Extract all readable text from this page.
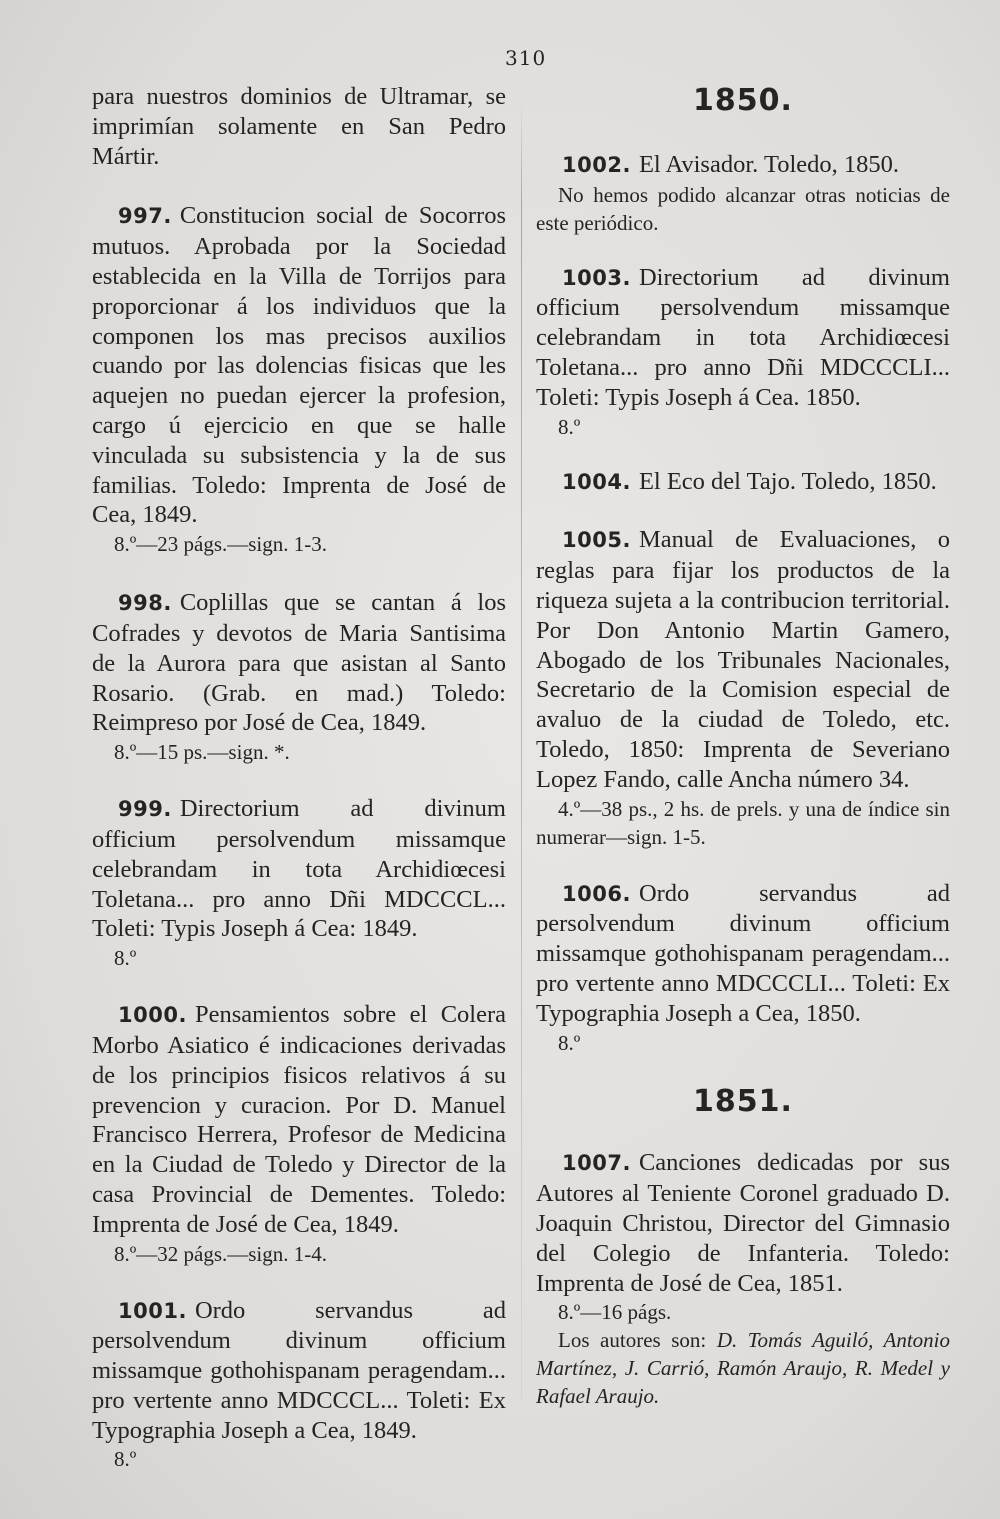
310

para nuestros dominios de Ultramar, se imprimían solamente en San Pedro Mártir.

997. Constitucion social de Socorros mutuos. Aprobada por la Sociedad establecida en la Villa de Torrijos para proporcionar á los individuos que la componen los mas precisos auxilios cuando por las dolencias fisicas que les aquejen no puedan ejercer la profesion, cargo ú ejercicio en que se halle vinculada su subsistencia y la de sus familias. Toledo: Imprenta de José de Cea, 1849.

8.º—23 págs.—sign. 1-3.

998. Coplillas que se cantan á los Cofrades y devotos de Maria Santisima de la Aurora para que asistan al Santo Rosario. (Grab. en mad.) Toledo: Reimpreso por José de Cea, 1849.

8.º—15 ps.—sign. *.

999. Directorium ad divinum officium persolvendum missamque celebrandam in tota Archidiœcesi Toletana... pro anno Dñi MDCCCL... Toleti: Typis Joseph á Cea: 1849.

8.º

1000. Pensamientos sobre el Colera Morbo Asiatico é indicaciones derivadas de los principios fisicos relativos á su prevencion y curacion. Por D. Manuel Francisco Herrera, Profesor de Medicina en la Ciudad de Toledo y Director de la casa Provincial de Dementes. Toledo: Imprenta de José de Cea, 1849.

8.º—32 págs.—sign. 1-4.

1001. Ordo servandus ad persolvendum divinum officium missamque gothohispanam peragendam... pro vertente anno MDCCCL... Toleti: Ex Typographia Joseph a Cea, 1849.

8.º

1850.

1002. El Avisador. Toledo, 1850.

No hemos podido alcanzar otras noticias de este periódico.

1003. Directorium ad divinum officium persolvendum missamque celebrandam in tota Archidiœcesi Toletana... pro anno Dñi MDCCCLI... Toleti: Typis Joseph á Cea. 1850.

8.º

1004. El Eco del Tajo. Toledo, 1850.

1005. Manual de Evaluaciones, o reglas para fijar los productos de la riqueza sujeta a la contribucion territorial. Por Don Antonio Martin Gamero, Abogado de los Tribunales Nacionales, Secretario de la Comision especial de avaluo de la ciudad de Toledo, etc. Toledo, 1850: Imprenta de Severiano Lopez Fando, calle Ancha número 34.

4.º—38 ps., 2 hs. de prels. y una de índice sin numerar—sign. 1-5.

1006. Ordo servandus ad persolvendum divinum officium missamque gothohispanam peragendam... pro vertente anno MDCCCLI... Toleti: Ex Typographia Joseph a Cea, 1850.

8.º

1851.

1007. Canciones dedicadas por sus Autores al Teniente Coronel graduado D. Joaquin Christou, Director del Gimnasio del Colegio de Infanteria. Toledo: Imprenta de José de Cea, 1851.

8.º—16 págs.

Los autores son: D. Tomás Aguiló, Antonio Martínez, J. Carrió, Ramón Araujo, R. Medel y Rafael Araujo.
